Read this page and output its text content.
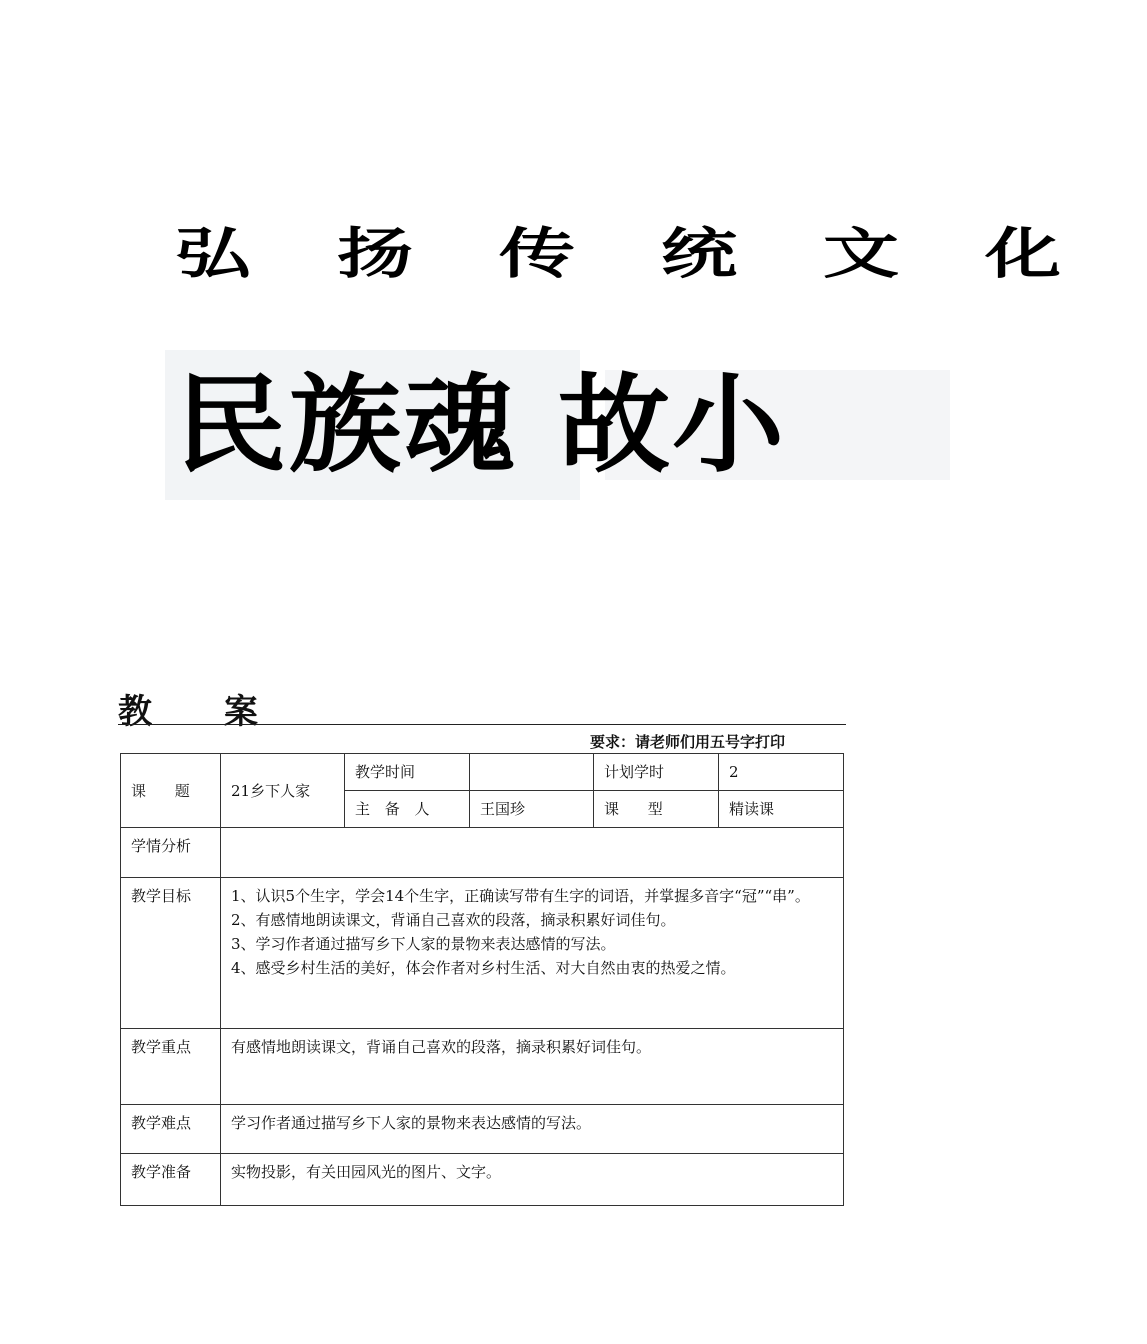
弘扬传统文化
民族魂 故小
教 案
要求：请老师们用五号字打印
课 题	21乡下人家	教学时间		计划学时	2
		主 备 人	王国珍	课 型	精读课
学情分析					
教学目标	1、认识5个生字，学会14个生字，正确读写带有生字的词语，并掌握多音字“冠”“串”。

2、有感情地朗读课文，背诵自己喜欢的段落，摘录积累好词佳句。

3、学习作者通过描写乡下人家的景物来表达感情的写法。

4、感受乡村生活的美好，体会作者对乡村生活、对大自然由衷的热爱之情。				

教学重点	有感情地朗读课文，背诵自己喜欢的段落，摘录积累好词佳句。				
教学难点	学习作者通过描写乡下人家的景物来表达感情的写法。				
教学准备	实物投影，有关田园风光的图片、文字。				
